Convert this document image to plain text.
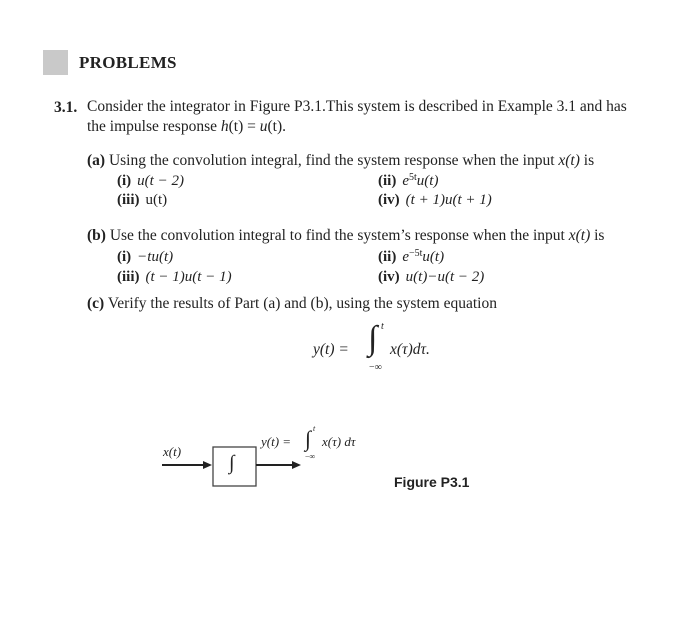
PROBLEMS
3.1. Consider the integrator in Figure P3.1.This system is described in Example 3.1 and has
the impulse response h(t) = u(t).
(a) Using the convolution integral, find the system response when the input x(t) is
(i) u(t − 2)	(ii) $e^{5t}u(t)$
(iii) u(t)	(iv) (t + 1)u(t + 1)
(b) Use the convolution integral to find the system’s response when the input x(t) is
(i) −tu(t)	(ii) $e^{-5t}u(t)$
(iii) (t − 1)u(t − 1)	(iv) u(t)−u(t − 2)
(c) Verify the results of Part (a) and (b), using the system equation
y(t) = ∫ t
−∞
x(τ)dτ.
x(t)
∫
y(t) = ∫ t
−∞
x(τ) dτ
Figure P3.1
